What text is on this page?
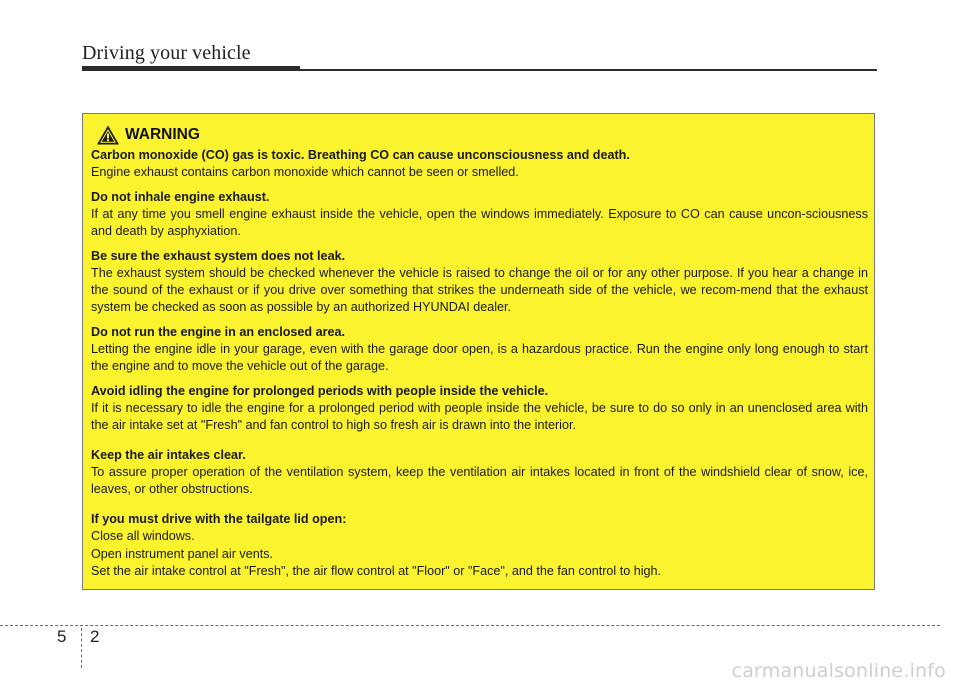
Driving your vehicle
WARNING

Carbon monoxide (CO) gas is toxic. Breathing CO can cause unconsciousness and death.

Engine exhaust contains carbon monoxide which cannot be seen or smelled.

Do not inhale engine exhaust.

If at any time you smell engine exhaust inside the vehicle, open the windows immediately. Exposure to CO can cause uncon-sciousness and death by asphyxiation.

Be sure the exhaust system does not leak.

The exhaust system should be checked whenever the vehicle is raised to change the oil or for any other purpose. If you hear a change in the sound of the exhaust or if you drive over something that strikes the underneath side of the vehicle, we recom-mend that the exhaust system be checked as soon as possible by an authorized HYUNDAI dealer.

Do not run the engine in an enclosed area.

Letting the engine idle in your garage, even with the garage door open, is a hazardous practice. Run the engine only long enough to start the engine and to move the vehicle out of the garage.

Avoid idling the engine for prolonged periods with people inside the vehicle.

If it is necessary to idle the engine for a prolonged period with people inside the vehicle, be sure to do so only in an unenclosed area with the air intake set at "Fresh" and fan control to high so fresh air is drawn into the interior.

Keep the air intakes clear.

To assure proper operation of the ventilation system, keep the ventilation air intakes located in front of the windshield clear of snow, ice, leaves, or other obstructions.

If you must drive with the tailgate lid open:

Close all windows.

Open instrument panel air vents.

Set the air intake control at "Fresh", the air flow control at "Floor" or "Face", and the fan control to high.

5 2
carmanualsonline.info
